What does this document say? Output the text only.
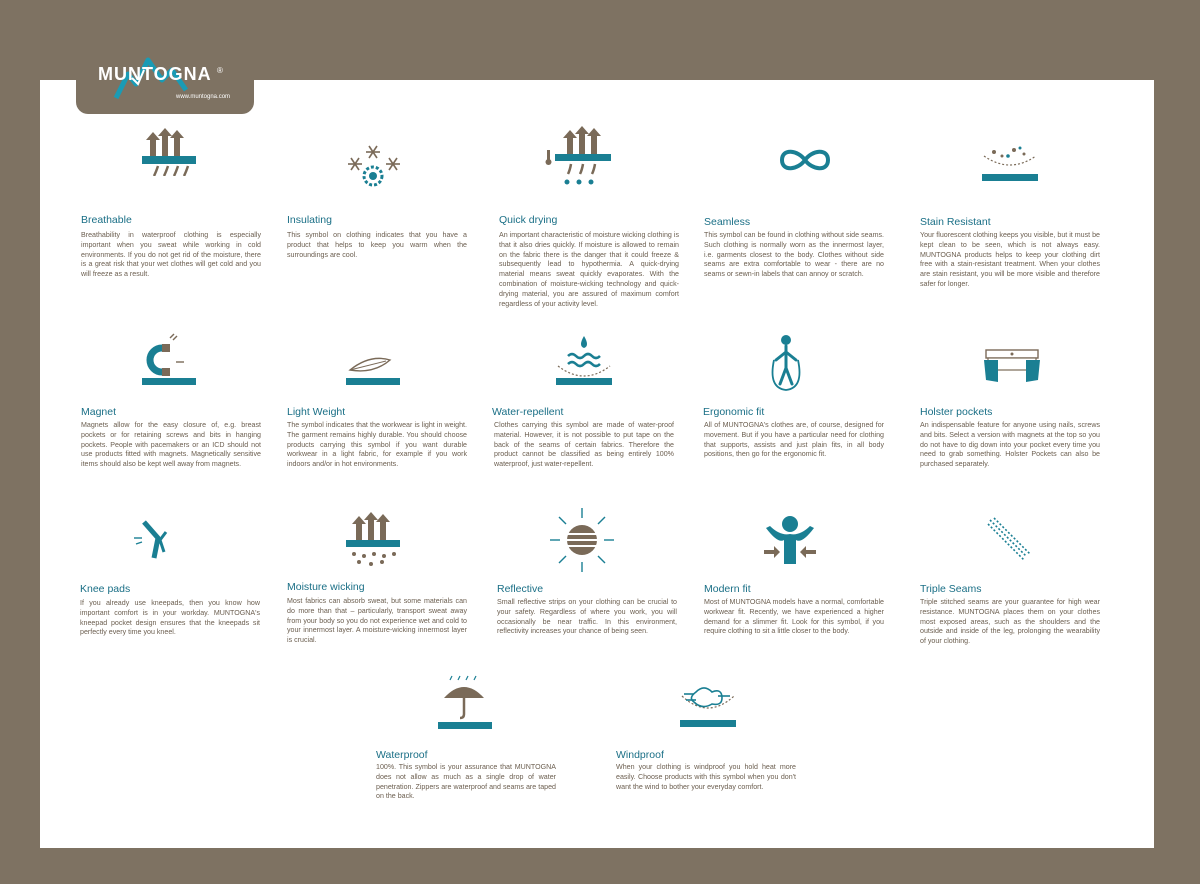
MUNTOGNA ®
www.muntogna.com
Breathable
Breathability in waterproof clothing is especially important when you sweat while working in cold environments. If you do not get rid of the moisture, there is a great risk that your wet clothes will get cold and you will freeze as a result.
Insulating
This symbol on clothing indicates that you have a product that helps to keep you warm when the surroundings are cool.
Quick drying
An important characteristic of moisture wicking clothing is that it also dries quickly. If moisture is allowed to remain on the fabric there is the danger that it could freeze & subsequently lead to hypothermia. A quick-drying material means sweat quickly evaporates. With the combination of moisture-wicking technology and quick-drying material, you are assured of maximum comfort regardless of your activity level.
Seamless
This symbol can be found in clothing without side seams. Such clothing is normally worn as the innermost layer, i.e. garments closest to the body. Clothes without side seams are extra comfortable to wear - there are no seams or sewn-in labels that can annoy or scratch.
Stain Resistant
Your fluorescent clothing keeps you visible, but it must be kept clean to be seen, which is not always easy. MUNTOGNA products helps to keep your clothing dirt free with a stain-resistant treatment. When your clothes are stain resistant, you will be more visible and therefore safer for longer.
Magnet
Magnets allow for the easy closure of, e.g. breast pockets or for retaining screws and bits in hanging pockets. People with pacemakers or an ICD should not use products fitted with magnets. Magnetically sensitive items should also be kept well away from magnets.
Light Weight
The symbol indicates that the workwear is light in weight. The garment remains highly durable. You should choose products carrying this symbol if you want durable workwear in a light fabric, for example if you work indoors and/or in hot environments.
Water-repellent
Clothes carrying this symbol are made of water-proof material. However, it is not possible to put tape on the back of the seams of certain fabrics. Therefore the product cannot be classified as being entirely 100% waterproof, just water-repellent.
Ergonomic fit
All of MUNTOGNA's clothes are, of course, designed for movement. But if you have a particular need for clothing that supports, assists and just plain fits, in all body positions, then go for the ergonomic fit.
Holster pockets
An indispensable feature for anyone using nails, screws and bits. Select a version with magnets at the top so you do not have to dig down into your pocket every time you need to grab something. Holster Pockets can also be purchased separately.
Knee pads
If you already use kneepads, then you know how important comfort is in your workday. MUNTOGNA's kneepad pocket design ensures that the kneepads sit perfectly every time you kneel.
Moisture wicking
Most fabrics can absorb sweat, but some materials can do more than that – particularly, transport sweat away from your body so you do not experience wet and cold to your innermost layer. A moisture-wicking innermost layer is crucial.
Reflective
Small reflective strips on your clothing can be crucial to your safety. Regardless of where you work, you will occasionally be near traffic. In this environment, reflectivity increases your chance of being seen.
Modern fit
Most of MUNTOGNA models have a normal, comfortable workwear fit. Recently, we have experienced a higher demand for a slimmer fit. Look for this symbol, if you require clothing to sit a little closer to the body.
Triple Seams
Triple stitched seams are your guarantee for high wear resistance. MUNTOGNA places them on your clothes most exposed areas, such as the shoulders and the outside and inside of the leg, prolonging the wearability of your clothing.
Waterproof
100%. This symbol is your assurance that MUNTOGNA does not allow as much as a single drop of water penetration. Zippers are waterproof and seams are taped on the back.
Windproof
When your clothing is windproof you hold heat more easily. Choose products with this symbol when you don't want the wind to bother your everyday comfort.
